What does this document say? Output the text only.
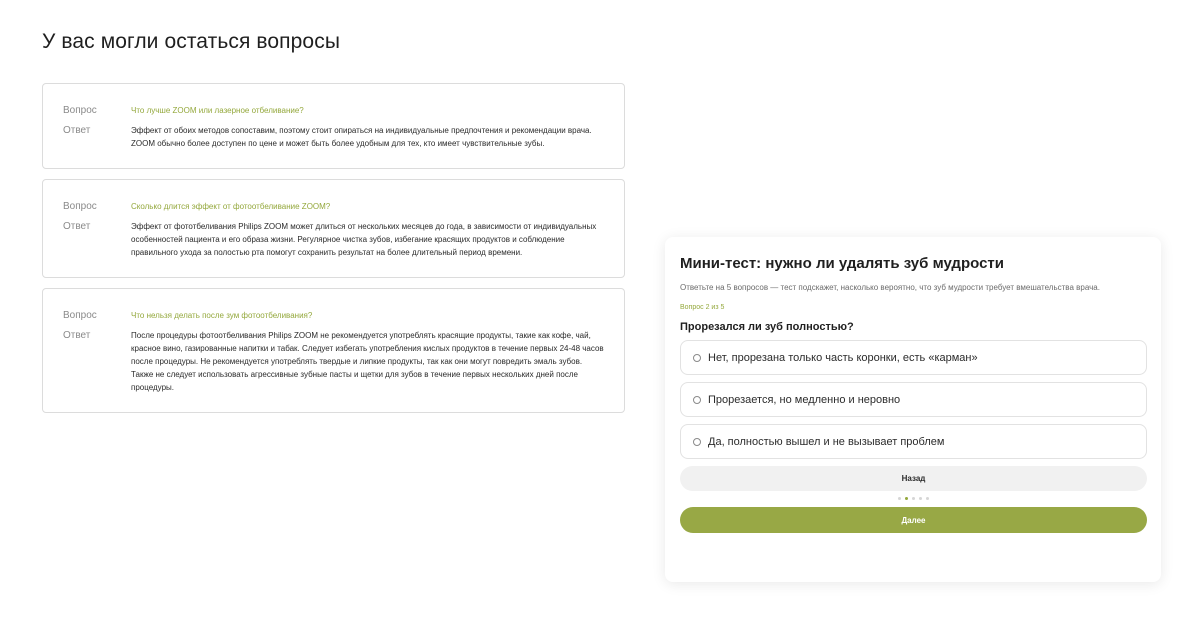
У вас могли остаться вопросы
Вопрос	Что лучше ZOOM или лазерное отбеливание?
Ответ	Эффект от обоих методов сопоставим, поэтому стоит опираться на индивидуальные предпочтения и рекомендации врача. ZOOM обычно более доступен по цене и может быть более удобным для тех, кто имеет чувствительные зубы.
Вопрос	Сколько длится эффект от фотоотбеливание ZOOM?
Ответ	Эффект от фототбеливания Philips ZOOM может длиться от нескольких месяцев до года, в зависимости от индивидуальных особенностей пациента и его образа жизни. Регулярное чистка зубов, избегание красящих продуктов и соблюдение правильного ухода за полостью рта помогут сохранить результат на более длительный период времени.
Вопрос	Что нельзя делать после зум фотоотбеливания?
Ответ	После процедуры фотоотбеливания Philips ZOOM не рекомендуется употреблять красящие продукты, такие как кофе, чай, красное вино, газированные напитки и табак. Следует избегать употребления кислых продуктов в течение первых 24-48 часов после процедуры. Не рекомендуется употреблять твердые и липкие продукты, так как они могут повредить эмаль зубов. Также не следует использовать агрессивные зубные пасты и щетки для зубов в течение первых нескольких дней после процедуры.
Мини-тест: нужно ли удалять зуб мудрости
Ответьте на 5 вопросов — тест подскажет, насколько вероятно, что зуб мудрости требует вмешательства врача.
Вопрос 2 из 5
Прорезался ли зуб полностью?
Нет, прорезана только часть коронки, есть «карман»
Прорезается, но медленно и неровно
Да, полностью вышел и не вызывает проблем
Назад
Далее
